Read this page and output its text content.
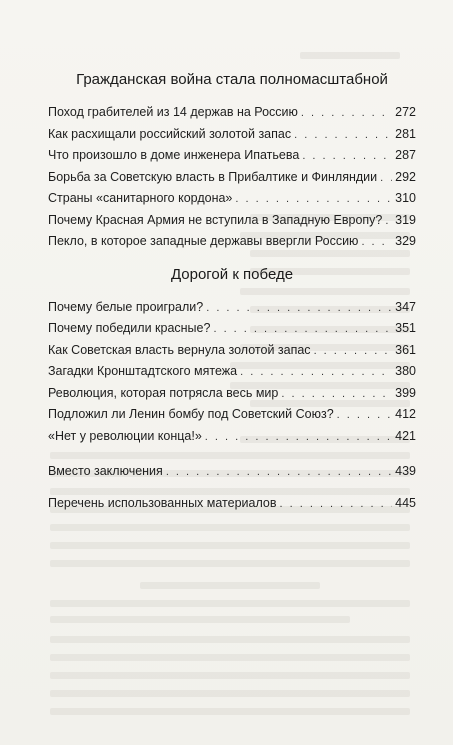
Гражданская война стала полномасштабной
Поход грабителей из 14 держав на Россию . . .	272
Как расхищали российский золотой запас . . .	281
Что произошло в доме инженера Ипатьева . . .	287
Борьба за Советскую власть в Прибалтике и Финляндии . . . 292
Страны «санитарного кордона» . . .	310
Почему Красная Армия не вступила в Западную Европу? . . . 319
Пекло, в которое западные державы ввергли Россию . . .	329
Дорогой к победе
Почему белые проиграли? . . .	347
Почему победили красные? . . .	351
Как Советская власть вернула золотой запас . . .	361
Загадки Кронштадтского мятежа . . .	380
Революция, которая потрясла весь мир . . .	399
Подложил ли Ленин бомбу под Советский Союз? . . .	412
«Нет у революции конца!» . . .	421
Вместо заключения . . .	439
Перечень использованных материалов . . .	445
